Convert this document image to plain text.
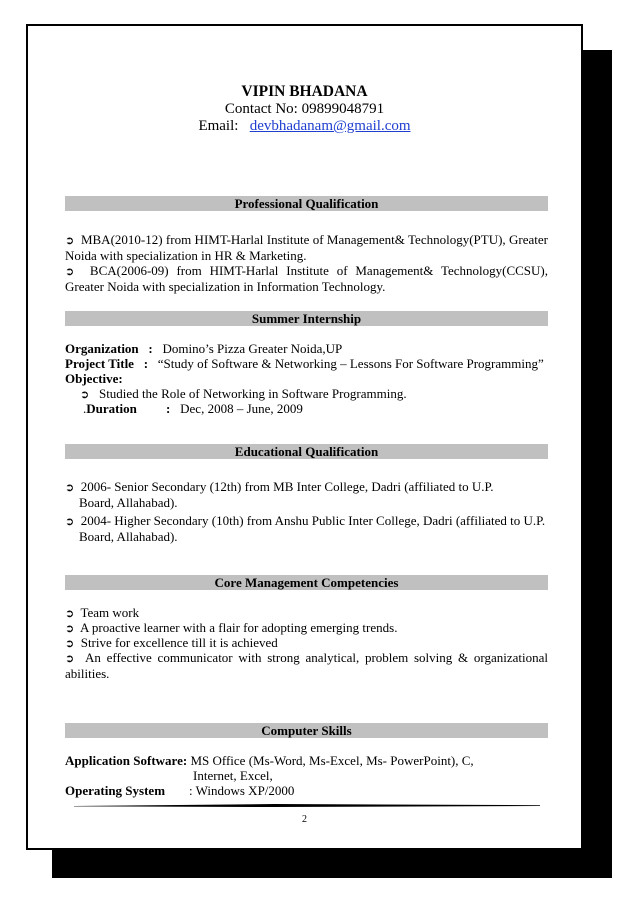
VIPIN BHADANA
Contact No: 09899048791
Email: devbhadanam@gmail.com
Professional Qualification
➲ MBA(2010-12) from HIMT-Harlal Institute of Management& Technology(PTU), Greater Noida with specialization in HR & Marketing.
➲ BCA(2006-09) from HIMT-Harlal Institute of Management& Technology(CCSU), Greater Noida with specialization in Information Technology.
Summer Internship
Organization   : Domino’s Pizza Greater Noida,UP
Project Title   : “Study of Software & Networking – Lessons For Software Programming”
Objective:
➲ Studied the Role of Networking in Software Programming.
.Duration         : Dec, 2008 – June, 2009
Educational Qualification
➲ 2006- Senior Secondary (12th) from MB Inter College, Dadri (affiliated to U.P.
Board, Allahabad).
➲ 2004- Higher Secondary (10th) from Anshu Public Inter College, Dadri (affiliated to U.P.
Board, Allahabad).
Core Management Competencies
➲ Team work
➲ A proactive learner with a flair for adopting emerging trends.
➲ Strive for excellence till it is achieved
➲ An effective communicator with strong analytical, problem solving & organizational abilities.
Computer Skills
Application Software: MS Office (Ms-Word, Ms-Excel, Ms- PowerPoint), C,
Internet, Excel,
Operating System : Windows XP/2000
2
